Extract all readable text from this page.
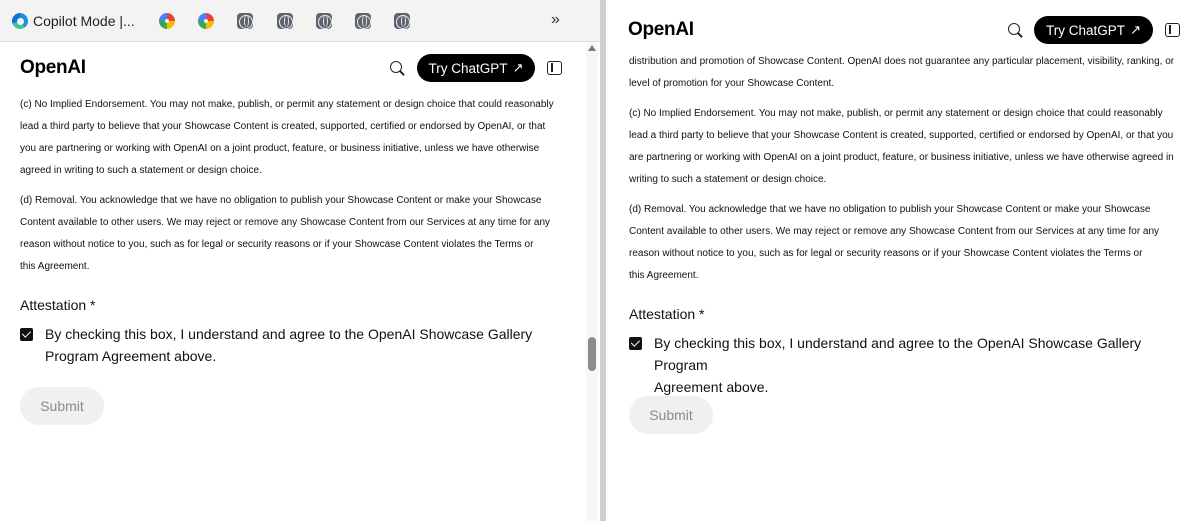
Copilot Mode |...	»
OpenAI	Try ChatGPT ↗
(c) No Implied Endorsement. You may not make, publish, or permit any statement or design choice that could reasonably
lead a third party to believe that your Showcase Content is created, supported, certified or endorsed by OpenAI, or that
you are partnering or working with OpenAI on a joint product, feature, or business initiative, unless we have otherwise
agreed in writing to such a statement or design choice.
(d) Removal. You acknowledge that we have no obligation to publish your Showcase Content or make your Showcase
Content available to other users. We may reject or remove any Showcase Content from our Services at any time for any
reason without notice to you, such as for legal or security reasons or if your Showcase Content violates the Terms or
this Agreement.
Attestation *
By checking this box, I understand and agree to the OpenAI Showcase Gallery
Program Agreement above.
Submit
OpenAI	Try ChatGPT ↗
distribution and promotion of Showcase Content. OpenAI does not guarantee any particular placement, visibility, ranking, or
level of promotion for your Showcase Content.
(c) No Implied Endorsement. You may not make, publish, or permit any statement or design choice that could reasonably
lead a third party to believe that your Showcase Content is created, supported, certified or endorsed by OpenAI, or that you
are partnering or working with OpenAI on a joint product, feature, or business initiative, unless we have otherwise agreed in
writing to such a statement or design choice.
(d) Removal. You acknowledge that we have no obligation to publish your Showcase Content or make your Showcase
Content available to other users. We may reject or remove any Showcase Content from our Services at any time for any
reason without notice to you, such as for legal or security reasons or if your Showcase Content violates the Terms or
this Agreement.
Attestation *
By checking this box, I understand and agree to the OpenAI Showcase Gallery Program
Agreement above.
Submit
